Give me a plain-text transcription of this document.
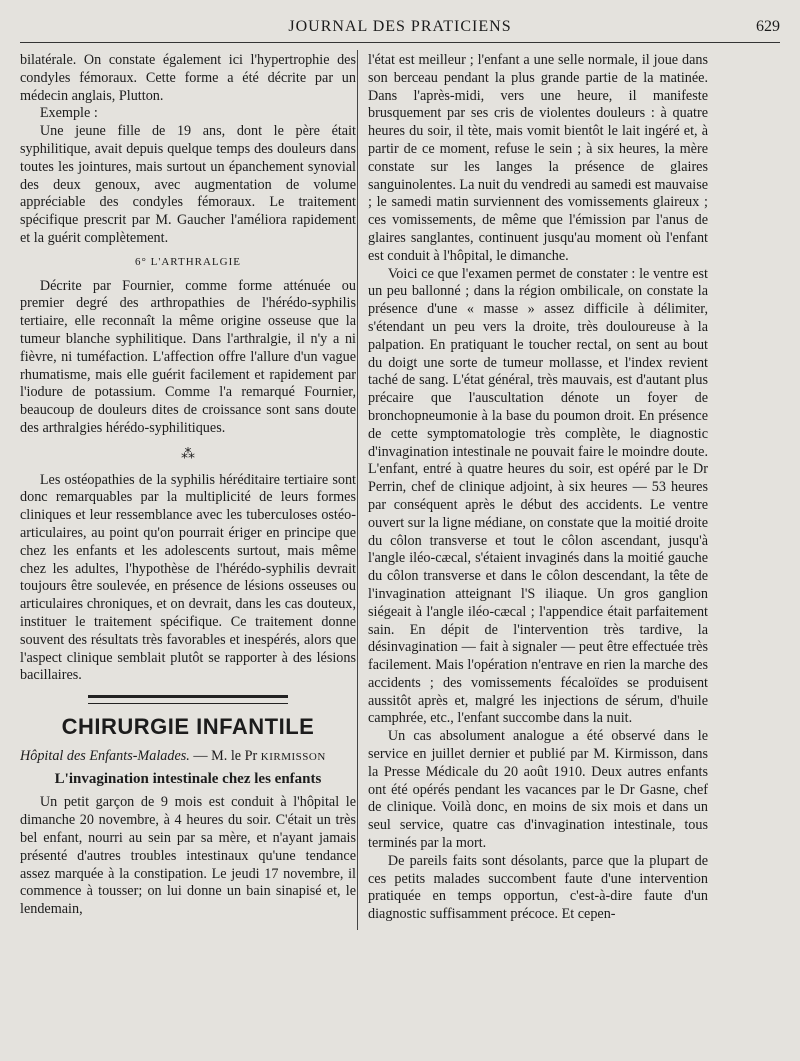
JOURNAL DES PRATICIENS	629

bilatérale. On constate également ici l'hypertrophie des condyles fémoraux. Cette forme a été décrite par un médecin anglais, Plutton.

Exemple :

Une jeune fille de 19 ans, dont le père était syphilitique, avait depuis quelque temps des douleurs dans toutes les jointures, mais surtout un épanchement synovial des deux genoux, avec augmentation de volume appréciable des condyles fémoraux. Le traitement spécifique prescrit par M. Gaucher l'améliora rapidement et la guérit complètement.

6° L'ARTHRALGIE

Décrite par Fournier, comme forme atténuée ou premier degré des arthropathies de l'hérédo-syphilis tertiaire, elle reconnaît la même origine osseuse que la tumeur blanche syphilitique. Dans l'arthralgie, il n'y a ni fièvre, ni tuméfaction. L'affection offre l'allure d'un vague rhumatisme, mais elle guérit facilement et rapidement par l'iodure de potassium. Comme l'a remarqué Fournier, beaucoup de douleurs dites de croissance sont sans doute des arthralgies hérédo-syphilitiques.

⁂

Les ostéopathies de la syphilis héréditaire tertiaire sont donc remarquables par la multiplicité de leurs formes cliniques et leur ressemblance avec les tuberculoses ostéo-articulaires, au point qu'on pourrait ériger en principe que chez les enfants et les adolescents surtout, mais même chez les adultes, l'hypothèse de l'hérédo-syphilis devrait toujours être soulevée, en présence de lésions osseuses ou articulaires chroniques, et on devrait, dans les cas douteux, instituer le traitement spécifique. Ce traitement donne souvent des résultats très favorables et inespérés, alors que l'aspect clinique semblait plutôt se rapporter à des lésions bacillaires.

CHIRURGIE INFANTILE

Hôpital des Enfants-Malades. — M. le Pr KIRMISSON

L'invagination intestinale chez les enfants

Un petit garçon de 9 mois est conduit à l'hôpital le dimanche 20 novembre, à 4 heures du soir. C'était un très bel enfant, nourri au sein par sa mère, et n'ayant jamais présenté d'autres troubles intestinaux qu'une tendance assez marquée à la constipation. Le jeudi 17 novembre, il commence à tousser; on lui donne un bain sinapisé et, le lendemain,

l'état est meilleur ; l'enfant a une selle normale, il joue dans son berceau pendant la plus grande partie de la matinée. Dans l'après-midi, vers une heure, il manifeste brusquement par ses cris de violentes douleurs : à quatre heures du soir, il tète, mais vomit bientôt le lait ingéré et, à partir de ce moment, refuse le sein ; à six heures, la mère constate sur les langes la présence de glaires sanguinolentes. La nuit du vendredi au samedi est mauvaise ; le samedi matin surviennent des vomissements glaireux ; ces vomissements, de même que l'émission par l'anus de glaires sanglantes, continuent jusqu'au moment où l'enfant est conduit à l'hôpital, le dimanche.

Voici ce que l'examen permet de constater : le ventre est un peu ballonné ; dans la région ombilicale, on constate la présence d'une « masse » assez difficile à délimiter, s'étendant un peu vers la droite, très douloureuse à la palpation. En pratiquant le toucher rectal, on sent au bout du doigt une sorte de tumeur mollasse, et l'index revient taché de sang. L'état général, très mauvais, est d'autant plus précaire que l'auscultation dénote un foyer de bronchopneumonie à la base du poumon droit. En présence de cette symptomatologie très complète, le diagnostic d'invagination intestinale ne pouvait faire le moindre doute. L'enfant, entré à quatre heures du soir, est opéré par le Dr Perrin, chef de clinique adjoint, à six heures — 53 heures par conséquent après le début des accidents. Le ventre ouvert sur la ligne médiane, on constate que la moitié droite du côlon transverse et tout le côlon ascendant, jusqu'à l'angle iléo-cæcal, s'étaient invaginés dans la moitié gauche du côlon transverse et dans le côlon descendant, la tête de l'invagination atteignant l'S iliaque. Un gros ganglion siégeait à l'angle iléo-cæcal ; l'appendice était parfaitement sain. En dépit de l'intervention très tardive, la désinvagination — fait à signaler — peut être effectuée très facilement. Mais l'opération n'entrave en rien la marche des accidents ; des vomissements fécaloïdes se produisent aussitôt après et, malgré les injections de sérum, d'huile camphrée, etc., l'enfant succombe dans la nuit.

Un cas absolument analogue a été observé dans le service en juillet dernier et publié par M. Kirmisson, dans la Presse Médicale du 20 août 1910. Deux autres enfants ont été opérés pendant les vacances par le Dr Gasne, chef de clinique. Voilà donc, en moins de six mois et dans un seul service, quatre cas d'invagination intestinale, tous terminés par la mort.

De pareils faits sont désolants, parce que la plupart de ces petits malades succombent faute d'une intervention pratiquée en temps opportun, c'est-à-dire faute d'un diagnostic suffisamment précoce. Et cepen-
